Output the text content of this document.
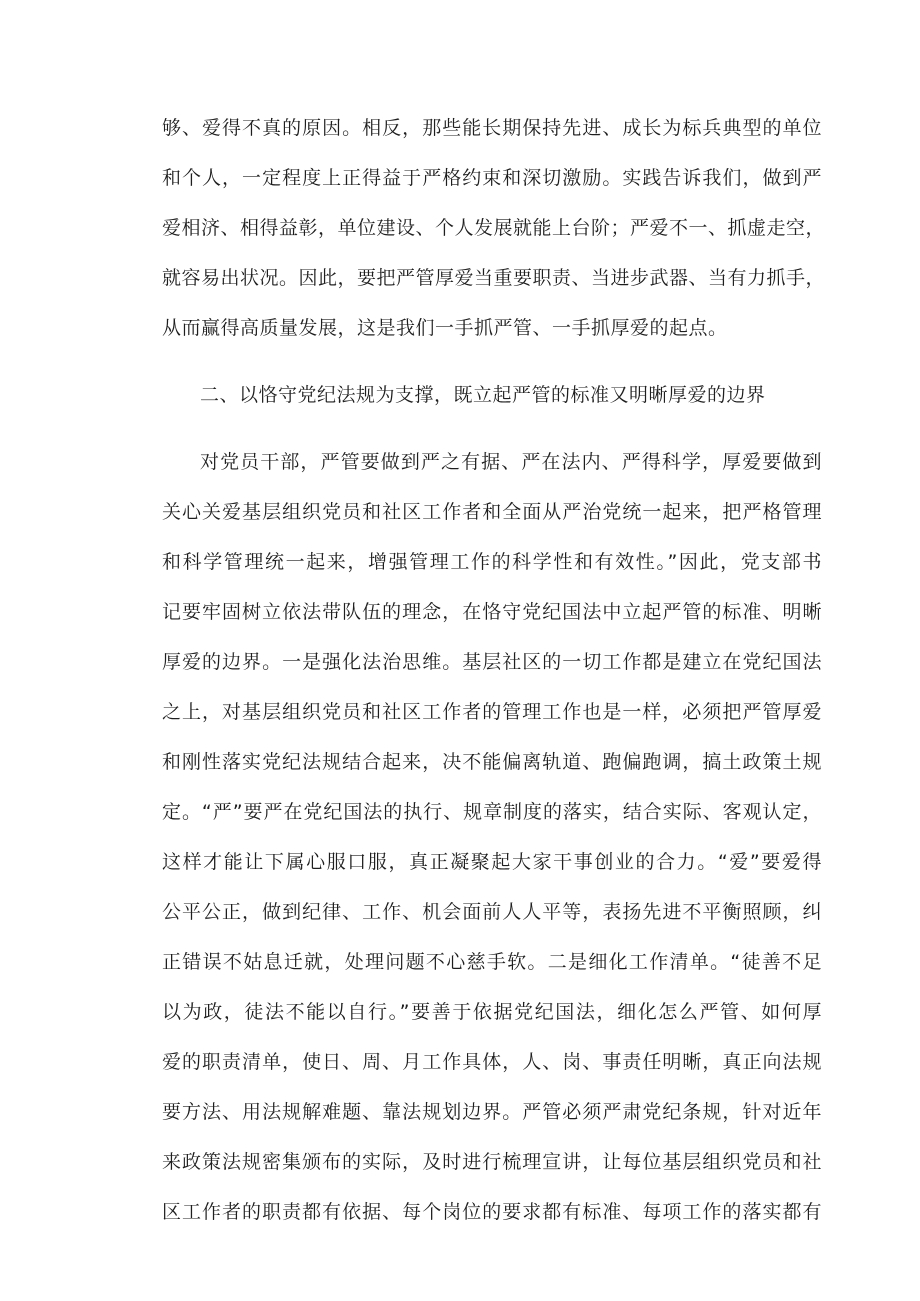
够、爱得不真的原因。相反，那些能长期保持先进、成长为标兵典型的单位
和个人，一定程度上正得益于严格约束和深切激励。实践告诉我们，做到严
爱相济、相得益彰，单位建设、个人发展就能上台阶；严爱不一、抓虚走空，
就容易出状况。因此，要把严管厚爱当重要职责、当进步武器、当有力抓手，
从而赢得高质量发展，这是我们一手抓严管、一手抓厚爱的起点。
二、以恪守党纪法规为支撑，既立起严管的标准又明晰厚爱的边界
对党员干部，严管要做到严之有据、严在法内、严得科学，厚爱要做到
关心关爱基层组织党员和社区工作者和全面从严治党统一起来，把严格管理
和科学管理统一起来，增强管理工作的科学性和有效性。”因此，党支部书
记要牢固树立依法带队伍的理念，在恪守党纪国法中立起严管的标准、明晰
厚爱的边界。一是强化法治思维。基层社区的一切工作都是建立在党纪国法
之上，对基层组织党员和社区工作者的管理工作也是一样，必须把严管厚爱
和刚性落实党纪法规结合起来，决不能偏离轨道、跑偏跑调，搞土政策土规
定。“严”要严在党纪国法的执行、规章制度的落实，结合实际、客观认定，
这样才能让下属心服口服，真正凝聚起大家干事创业的合力。“爱”要爱得
公平公正，做到纪律、工作、机会面前人人平等，表扬先进不平衡照顾，纠
正错误不姑息迁就，处理问题不心慈手软。二是细化工作清单。“徒善不足
以为政，徒法不能以自行。”要善于依据党纪国法，细化怎么严管、如何厚
爱的职责清单，使日、周、月工作具体，人、岗、事责任明晰，真正向法规
要方法、用法规解难题、靠法规划边界。严管必须严肃党纪条规，针对近年
来政策法规密集颁布的实际，及时进行梳理宣讲，让每位基层组织党员和社
区工作者的职责都有依据、每个岗位的要求都有标准、每项工作的落实都有
